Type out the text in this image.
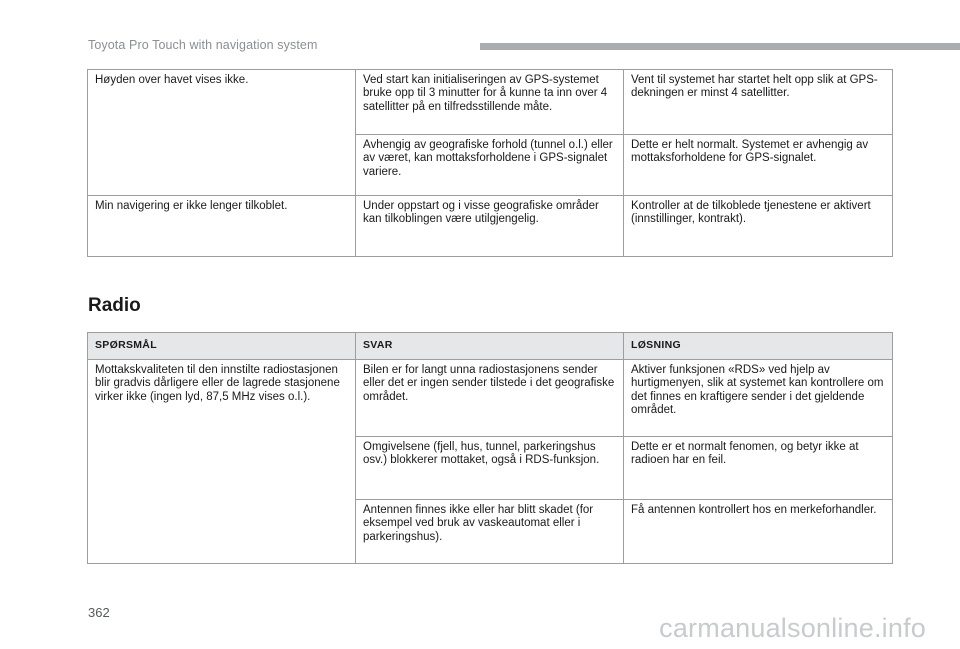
Toyota Pro Touch with navigation system
Høyden over havet vises ikke.	Ved start kan initialiseringen av GPS-systemet bruke opp til 3 minutter for å kunne ta inn over 4 satellitter på en tilfredsstillende måte.	Vent til systemet har startet helt opp slik at GPS-dekningen er minst 4 satellitter.
	Avhengig av geografiske forhold (tunnel o.l.) eller av været, kan mottaksforholdene i GPS-signalet variere.	Dette er helt normalt. Systemet er avhengig av mottaksforholdene for GPS-signalet.
Min navigering er ikke lenger tilkoblet.	Under oppstart og i visse geografiske områder kan tilkoblingen være utilgjengelig.	Kontroller at de tilkoblede tjenestene er aktivert (innstillinger, kontrakt).
Radio
SPØRSMÅL	SVAR	LØSNING
Mottakskvaliteten til den innstilte radiostasjonen blir gradvis dårligere eller de lagrede stasjonene virker ikke (ingen lyd, 87,5 MHz vises o.l.).	Bilen er for langt unna radiostasjonens sender eller det er ingen sender tilstede i det geografiske området.	Aktiver funksjonen «RDS» ved hjelp av hurtigmenyen, slik at systemet kan kontrollere om det finnes en kraftigere sender i det gjeldende området.
	Omgivelsene (fjell, hus, tunnel, parkeringshus osv.) blokkerer mottaket, også i RDS-funksjon.	Dette er et normalt fenomen, og betyr ikke at radioen har en feil.
	Antennen finnes ikke eller har blitt skadet (for eksempel ved bruk av vaskeautomat eller i parkeringshus).	Få antennen kontrollert hos en merkeforhandler.
362
carmanualsonline.info
